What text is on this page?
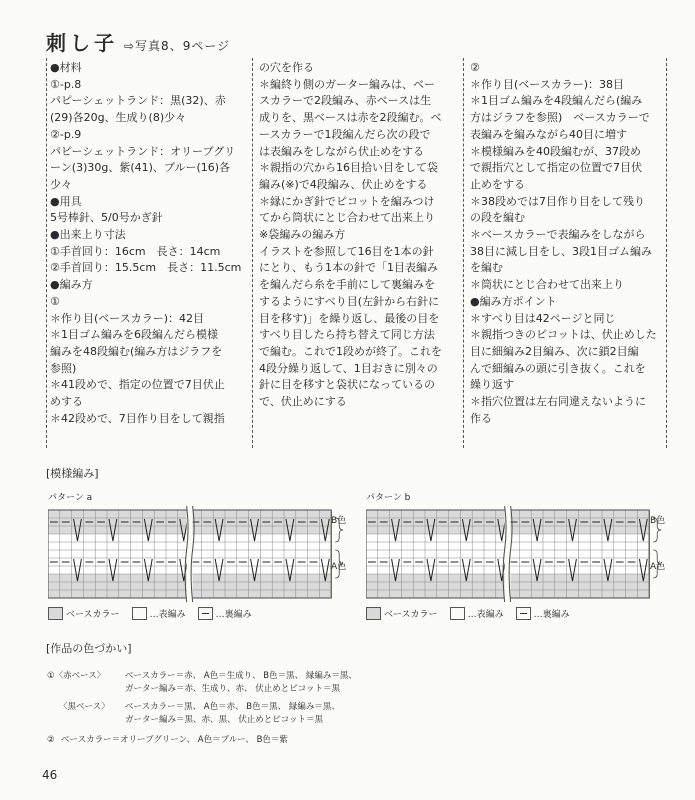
刺し子 ⇨写真8、9ページ
●材料
①-p.8
パピーシェットランド：黒(32)、赤
(29)各20g、生成り(8)少々
②-p.9
パピーシェットランド：オリーブグリ
ーン(3)30g、紫(41)、ブルー(16)各
少々
●用具
5号棒針、5/0号かぎ針
●出来上り寸法
①手首回り：16cm　長さ：14cm
②手首回り：15.5cm　長さ：11.5cm
●編み方
①
＊作り目(ベースカラー)：42目
＊1目ゴム編みを6段編んだら模様
編みを48段編む(編み方はジラフを
参照)
＊41段めで、指定の位置で7目伏止
めする
＊42段めで、7目作り目をして親指
の穴を作る
＊編終り側のガーター編みは、ベー
スカラーで2段編み、赤ベースは生
成りを、黒ベースは赤を2段編む。ベ
ースカラーで1段編んだら次の段で
は表編みをしながら伏止めをする
＊親指の穴から16目拾い目をして袋
編み(※)で4段編み、伏止めをする
＊縁にかぎ針でピコットを編みつけ
てから筒状にとじ合わせて出来上り
※袋編みの編み方
イラストを参照して16目を1本の針
にとり、もう1本の針で「1目表編み
を編んだら糸を手前にして裏編みを
するようにすべり目(左針から右針に
目を移す)」を繰り返し、最後の目を
すべり目したら持ち替えて同じ方法
で編む。これで1段めが終了。これを
4段分繰り返して、1目おきに別々の
針に目を移すと袋状になっているの
で、伏止めにする
②
＊作り目(ベースカラー)：38目
＊1目ゴム編みを4段編んだら(編み
方はジラフを参照)　ベースカラーで
表編みを編みながら40目に増す
＊模様編みを40段編むが、37段め
で親指穴として指定の位置で7目伏
止めをする
＊38段めでは7目作り目をして残り
の段を編む
＊ベースカラーで表編みをしながら
38目に減し目をし、3段1目ゴム編み
を編む
＊筒状にとじ合わせて出来上り
●編み方ポイント
＊すべり目は42ページと同じ
＊親指つきのピコットは、伏止めした
目に細編み2目編み、次に鎖2目編
んで細編みの頭に引き抜く。これを
繰り返す
＊指穴位置は左右同違えないように
作る
[模様編み]
パターン a	パターン b
B色
A色
B色
A色
ベースカラー	…表編み	…裏編み	ベースカラー	…表編み	…裏編み
[作品の色づかい]
①〈赤ベース〉	ベースカラー＝赤、 A色＝生成り、 B色＝黒、 縁編み＝黒、
ガーター編み＝赤、生成り、赤、 伏止めとピコット＝黒
〈黒ベース〉	ベースカラー＝黒、 A色＝赤、 B色＝黒、 縁編み＝黒、
ガーター編み＝黒、赤、黒、 伏止めとピコット＝黒
② ベースカラー＝オリーブグリーン、 A色＝ブルー、 B色＝紫
46
